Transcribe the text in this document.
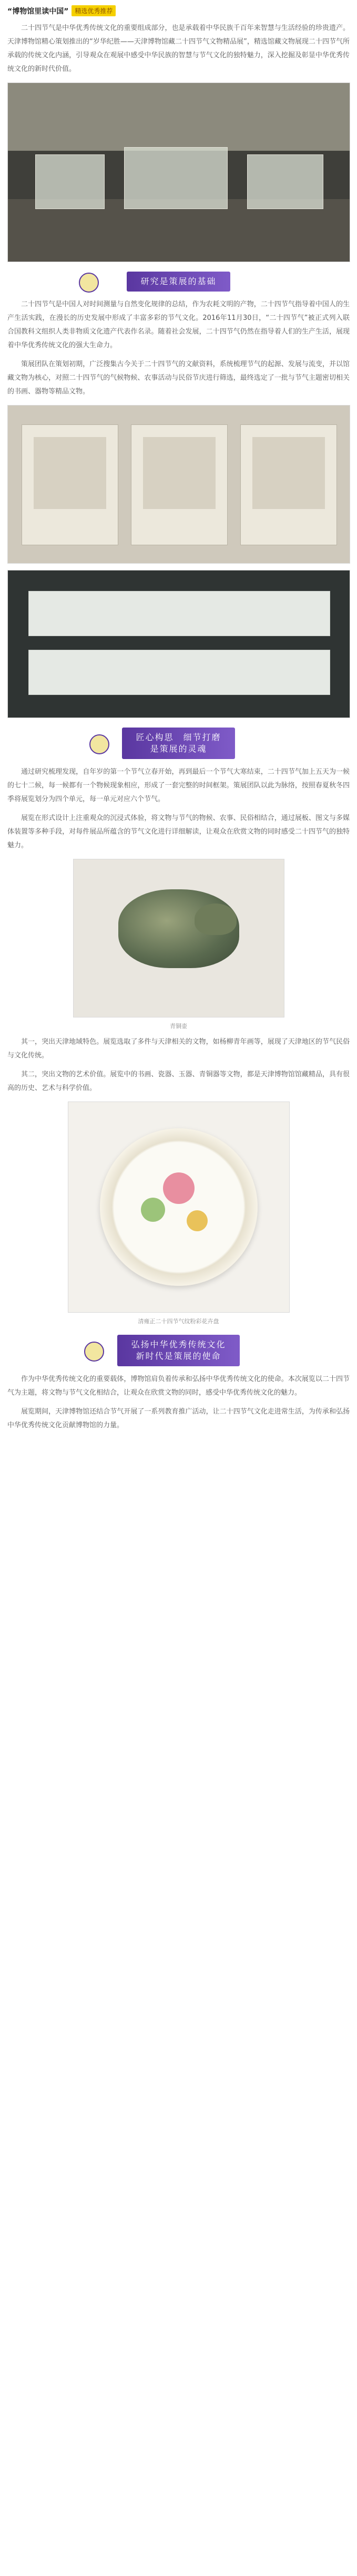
“博物馆里读中国”	精选优秀推荐

二十四节气是中华优秀传统文化的重要组成部分，也是承载着中华民族千百年来智慧与生活经验的珍贵遗产。天津博物馆精心策划推出的“岁华纪胜——天津博物馆藏二十四节气文物精品展”，精选馆藏文物展现二十四节气所承载的传统文化内涵，引导观众在观展中感受中华民族的智慧与节气文化的独特魅力，深入挖掘及彰显中华优秀传统文化的新时代价值。

研究是策展的基础

二十四节气是中国人对时间测量与自然变化规律的总结，作为农耗文明的产物，二十四节气指导着中国人的生产生活实践，在漫长的历史发展中形成了丰富多彩的节气文化。2016年11月30日，“二十四节气”被正式列入联合国教科文组织人类非物质文化遗产代表作名录。随着社会发展，二十四节气仍然在指导着人们的生产生活，展现着中华优秀传统文化的强大生命力。

策展团队在策划初期，广泛搜集古今关于二十四节气的文献资料，系统梳理节气的起源、发展与流变，并以馆藏文物为核心，对照二十四节气的气候物候、农事活动与民俗节庆进行筛选，最终选定了一批与节气主题密切相关的书画、器物等精品文物。

匠心构思　细节打磨
是策展的灵魂

通过研究梳理发现，自年岁的第一个节气立春开始，再到最后一个节气大寒结束，二十四节气加上五天为一候的七十二候，每一候都有一个物候现象相应，形成了一套完整的时间框架。策展团队以此为脉络，按照春夏秋冬四季将展览划分为四个单元，每一单元对应六个节气。

展览在形式设计上注重观众的沉浸式体验，将文物与节气的物候、农事、民俗相结合，通过展板、图文与多媒体装置等多种手段，对每件展品所蕴含的节气文化进行详细解读，让观众在欣赏文物的同时感受二十四节气的独特魅力。

青铜壶

其一，突出天津地域特色。展览选取了多件与天津相关的文物，如杨柳青年画等，展现了天津地区的节气民俗与文化传统。

其二，突出文物的艺术价值。展览中的书画、瓷器、玉器、青铜器等文物，都是天津博物馆馆藏精品，具有很高的历史、艺术与科学价值。

清雍正二十四节气纹粉彩花卉盘
弘扬中华优秀传统文化
新时代是策展的使命

作为中华优秀传统文化的重要载体，博物馆肩负着传承和弘扬中华优秀传统文化的使命。本次展览以二十四节气为主题，将文物与节气文化相结合，让观众在欣赏文物的同时，感受中华优秀传统文化的魅力。

展览期间，天津博物馆还结合节气开展了一系列教育推广活动，让二十四节气文化走进常生活，为传承和弘扬中华优秀传统文化贡献博物馆的力量。
